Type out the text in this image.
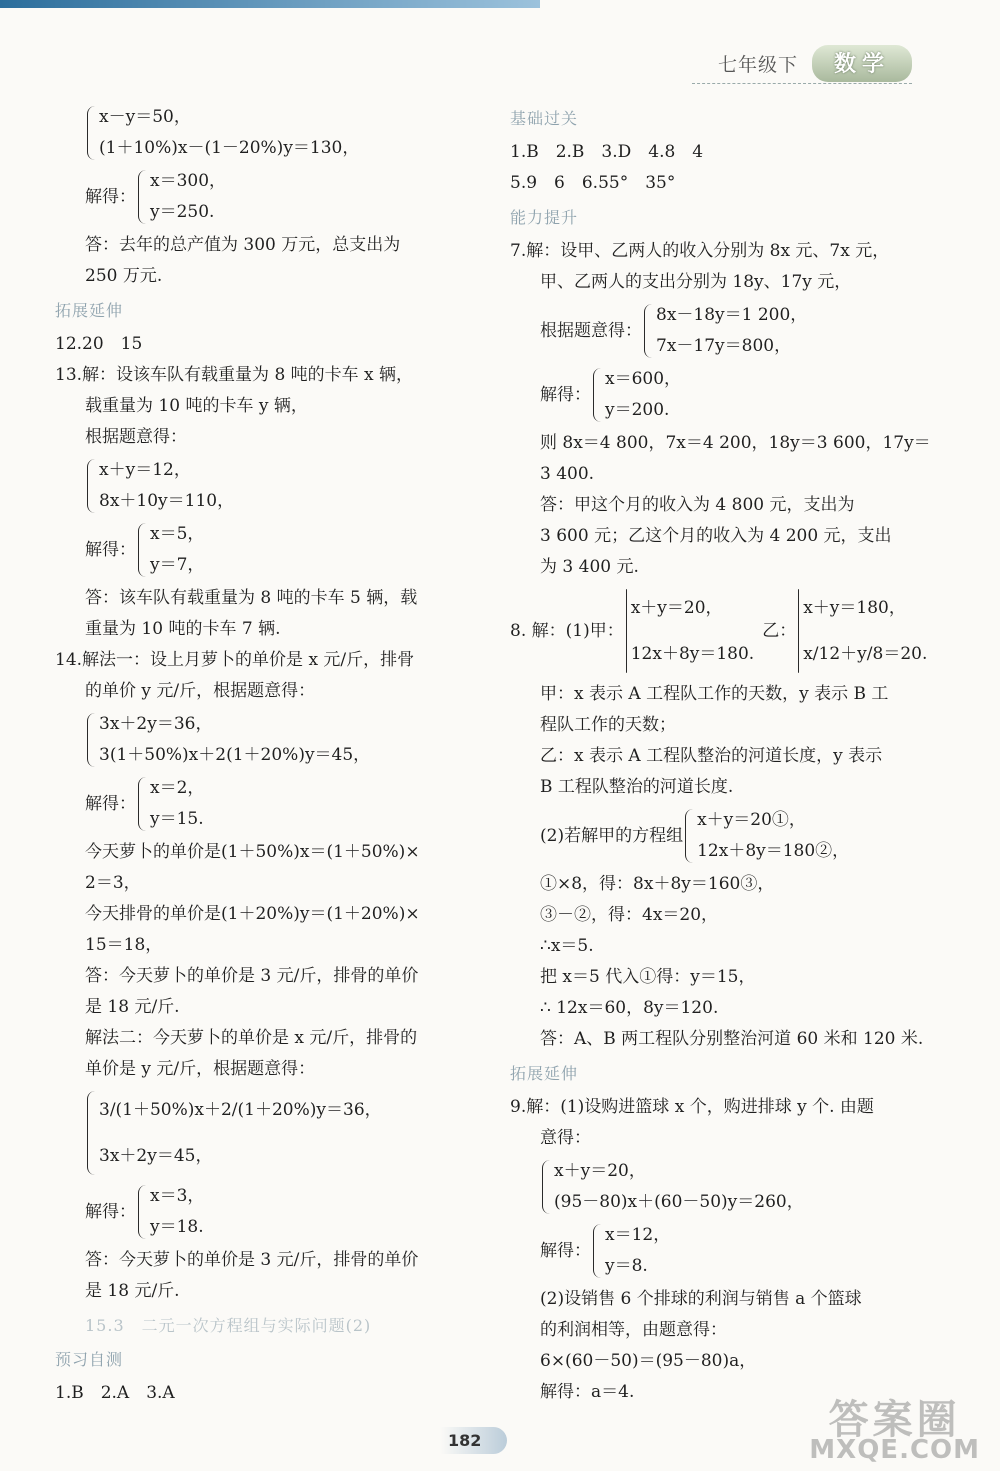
七年级下	数学

x－y＝50，

(1＋10%)x－(1－20%)y＝130，

解得：

x＝300，

y＝250.

答：去年的总产值为 300 万元，总支出为

250 万元.

拓展延伸

12.20　15

13.解：设该车队有载重量为 8 吨的卡车 x 辆，

载重量为 10 吨的卡车 y 辆，

根据题意得：

x＋y＝12，

8x＋10y＝110，

解得：

x＝5，

y＝7，

答：该车队有载重量为 8 吨的卡车 5 辆，载

重量为 10 吨的卡车 7 辆.

14.解法一：设上月萝卜的单价是 x 元/斤，排骨

的单价 y 元/斤，根据题意得：

3x＋2y＝36，

3(1＋50%)x＋2(1＋20%)y＝45，

解得：

x＝2，

y＝15.

今天萝卜的单价是(1＋50%)x＝(1＋50%)×

2＝3，

今天排骨的单价是(1＋20%)y＝(1＋20%)×

15＝18，

答：今天萝卜的单价是 3 元/斤，排骨的单价

是 18 元/斤.

解法二：今天萝卜的单价是 x 元/斤，排骨的

单价是 y 元/斤，根据题意得：

3/(1＋50%)x＋2/(1＋20%)y＝36，

3x＋2y＝45，

解得：

x＝3，

y＝18.

答：今天萝卜的单价是 3 元/斤，排骨的单价

是 18 元/斤.

15.3　二元一次方程组与实际问题(2)

预习自测

1.B　2.A　3.A

基础过关

1.B　2.B　3.D　4.8　4

5.9　6　6.55°　35°

能力提升

7.解：设甲、乙两人的收入分别为 8x 元、7x 元，

甲、乙两人的支出分别为 18y、17y 元，

根据题意得：

8x－18y＝1 200，

7x－17y＝800，

解得：

x＝600，

y＝200.

则 8x＝4 800，7x＝4 200，18y＝3 600，17y＝

3 400.

答：甲这个月的收入为 4 800 元，支出为

3 600 元；乙这个月的收入为 4 200 元，支出

为 3 400 元.

8. 解：(1)甲：

x＋y＝20，

12x＋8y＝180.

乙：

x＋y＝180，

x/12＋y/8＝20.

甲：x 表示 A 工程队工作的天数，y 表示 B 工

程队工作的天数；

乙：x 表示 A 工程队整治的河道长度，y 表示

B 工程队整治的河道长度.

(2)若解甲的方程组

x＋y＝20①，

12x＋8y＝180②，

①×8，得：8x＋8y＝160③，

③－②，得：4x＝20，

∴x＝5.

把 x＝5 代入①得：y＝15，

∴ 12x＝60，8y＝120.

答：A、B 两工程队分别整治河道 60 米和 120 米.

拓展延伸

9.解：(1)设购进篮球 x 个，购进排球 y 个. 由题

意得：

x＋y＝20，

(95－80)x＋(60－50)y＝260，

解得：

x＝12，

y＝8.

(2)设销售 6 个排球的利润与销售 a 个篮球

的利润相等，由题意得：

6×(60－50)＝(95－80)a，

解得：a＝4.

182	答案圈
MXQE.COM
